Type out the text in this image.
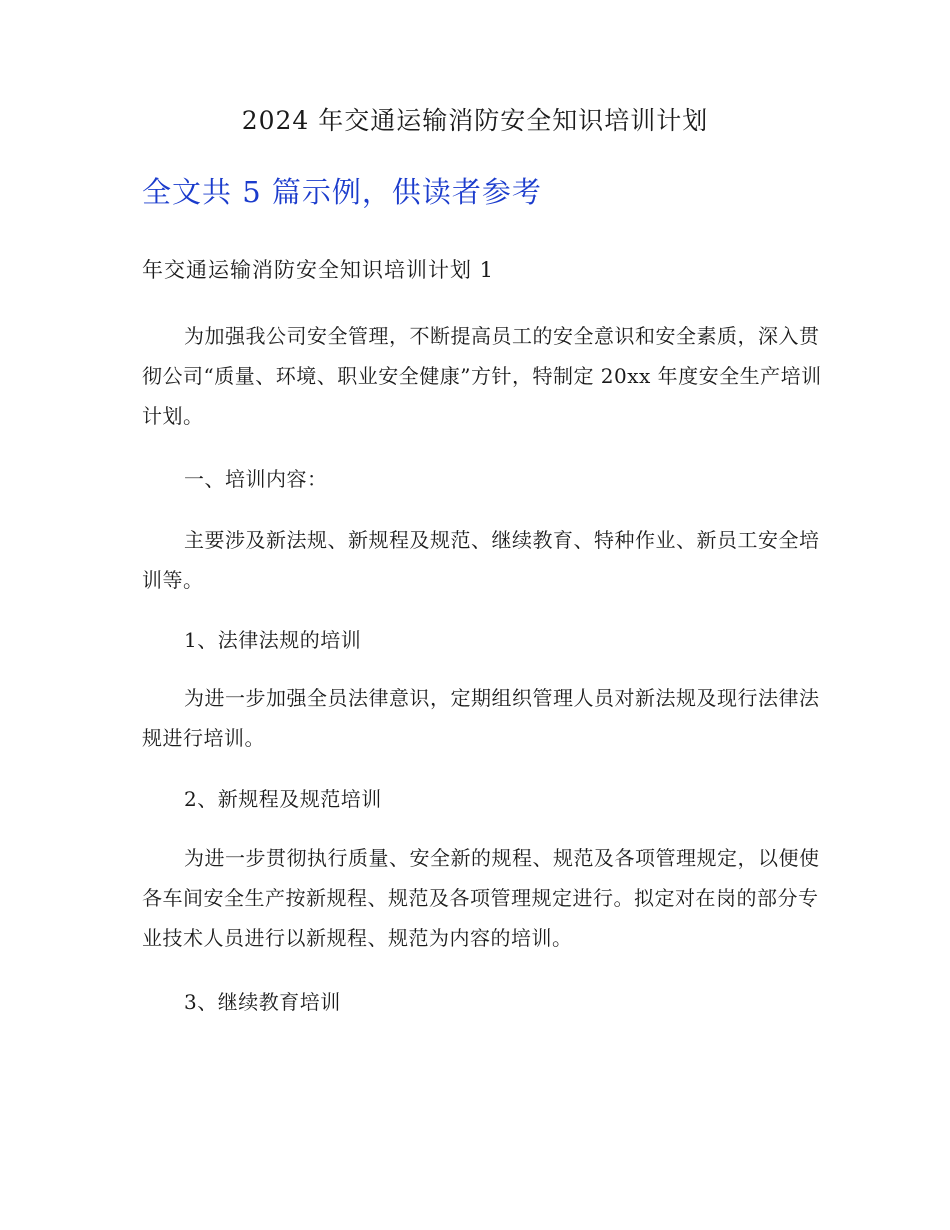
2024 年交通运输消防安全知识培训计划
全文共 5 篇示例，供读者参考
年交通运输消防安全知识培训计划 1

为加强我公司安全管理，不断提高员工的安全意识和安全素质，深入贯彻公司“质量、环境、职业安全健康”方针，特制定 20xx 年度安全生产培训计划。

一、培训内容：

主要涉及新法规、新规程及规范、继续教育、特种作业、新员工安全培训等。

1、法律法规的培训

为进一步加强全员法律意识，定期组织管理人员对新法规及现行法律法规进行培训。

2、新规程及规范培训

为进一步贯彻执行质量、安全新的规程、规范及各项管理规定，以便使各车间安全生产按新规程、规范及各项管理规定进行。拟定对在岗的部分专业技术人员进行以新规程、规范为内容的培训。

3、继续教育培训
